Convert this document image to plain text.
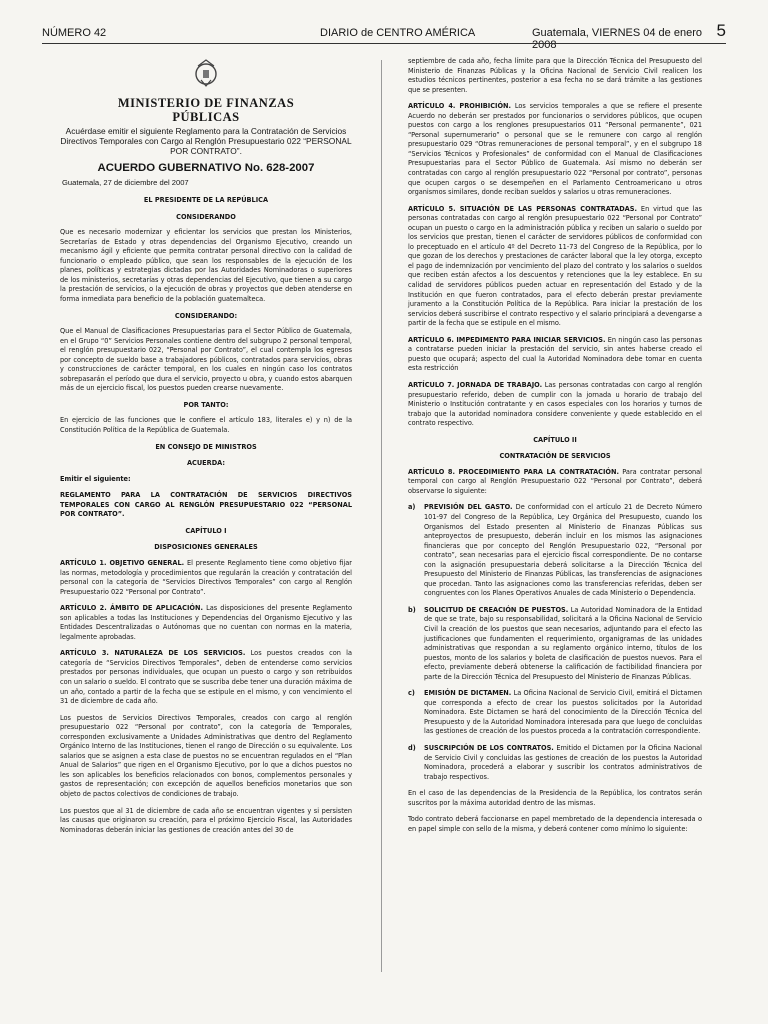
NÚMERO 42	DIARIO de CENTRO AMÉRICA	Guatemala, VIERNES 04 de enero 2008
5
MINISTERIO DE FINANZAS
PÚBLICAS
Acuérdase emitir el siguiente Reglamento para la Contratación de Servicios Directivos Temporales con Cargo al Renglón Presupuestario 022 “PERSONAL POR CONTRATO”.
ACUERDO GUBERNATIVO No. 628-2007
Guatemala, 27 de diciembre del 2007
EL PRESIDENTE DE LA REPÚBLICA
CONSIDERANDO

Que es necesario modernizar y eficientar los servicios que prestan los Ministerios, Secretarías de Estado y otras dependencias del Organismo Ejecutivo, creando un mecanismo ágil y eficiente que permita contratar personal directivo con la calidad de funcionario o empleado público, que sean los responsables de la ejecución de los planes, políticas y estrategias dictadas por las Autoridades Nominadoras o superiores de los ministerios, secretarías y otras dependencias del Ejecutivo, que tienen a su cargo la prestación de servicios, o la ejecución de obras y proyectos que deben atenderse en forma inmediata para beneficio de la población guatemalteca.

CONSIDERANDO:

Que el Manual de Clasificaciones Presupuestarias para el Sector Público de Guatemala, en el Grupo “0” Servicios Personales contiene dentro del subgrupo 2 personal temporal, el renglón presupuestario 022, “Personal por Contrato”, el cual contempla los egresos por concepto de sueldo base a trabajadores públicos, contratados para servicios, obras y construcciones de carácter temporal, en los cuales en ningún caso los contratos sobrepasarán el período que dura el servicio, proyecto u obra, y cuando estos abarquen más de un ejercicio fiscal, los puestos pueden crearse nuevamente.

POR TANTO:

En ejercicio de las funciones que le confiere el artículo 183, literales e) y n) de la Constitución Política de la República de Guatemala.

EN CONSEJO DE MINISTROS
ACUERDA:

Emitir el siguiente:

REGLAMENTO PARA LA CONTRATACIÓN DE SERVICIOS DIRECTIVOS TEMPORALES CON CARGO AL RENGLÓN PRESUPUESTARIO 022 “PERSONAL POR CONTRATO”.

CAPÍTULO I
DISPOSICIONES GENERALES

ARTÍCULO 1. OBJETIVO GENERAL. El presente Reglamento tiene como objetivo fijar las normas, metodología y procedimientos que regularán la creación y contratación del personal con la categoría de “Servicios Directivos Temporales” con cargo al Renglón Presupuestario 022 “Personal por Contrato”.

ARTÍCULO 2. ÁMBITO DE APLICACIÓN. Las disposiciones del presente Reglamento son aplicables a todas las Instituciones y Dependencias del Organismo Ejecutivo y las Entidades Descentralizadas o Autónomas que no cuentan con normas en la materia, legalmente aprobadas.

ARTÍCULO 3. NATURALEZA DE LOS SERVICIOS. Los puestos creados con la categoría de “Servicios Directivos Temporales”, deben de entenderse como servicios prestados por personas individuales, que ocupan un puesto o cargo y son retribuidos con un salario o sueldo. El contrato que se suscriba debe tener una duración máxima de un año, contado a partir de la fecha que se estipule en el mismo, y con vencimiento el 31 de diciembre de cada año.

Los puestos de Servicios Directivos Temporales, creados con cargo al renglón presupuestario 022 “Personal por contrato”, con la categoría de Temporales, corresponden exclusivamente a Unidades Administrativas que dentro del Reglamento Orgánico Interno de las Instituciones, tienen el rango de Dirección o su equivalente. Los salarios que se asignen a esta clase de puestos no se encuentran regulados en el “Plan Anual de Salarios” que rigen en el Organismo Ejecutivo, por lo que a dichos puestos no les son aplicables los beneficios relacionados con bonos, complementos personales y gastos de representación; con excepción de aquellos beneficios monetarios que son objeto de pactos colectivos de condiciones de trabajo.

Los puestos que al 31 de diciembre de cada año se encuentran vigentes y si persisten las causas que originaron su creación, para el próximo Ejercicio Fiscal, las Autoridades Nominadoras deberán iniciar las gestiones de creación antes del 30 de

septiembre de cada año, fecha límite para que la Dirección Técnica del Presupuesto del Ministerio de Finanzas Públicas y la Oficina Nacional de Servicio Civil realicen los estudios técnicos pertinentes, posterior a esa fecha no se dará trámite a las gestiones que se presenten.

ARTÍCULO 4. PROHIBICIÓN. Los servicios temporales a que se refiere el presente Acuerdo no deberán ser prestados por funcionarios o servidores públicos, que ocupen puestos con cargo a los renglones presupuestarios 011 “Personal permanente”, 021 “Personal supernumerario” o personal que se le remunere con cargo al renglón presupuestario 029 “Otras remuneraciones de personal temporal”, y en el subgrupo 18 “Servicios Técnicos y Profesionales” de conformidad con el Manual de Clasificaciones Presupuestarias para el Sector Público de Guatemala. Así mismo no deberán ser contratadas con cargo al renglón presupuestario 022 “Personal por contrato”, personas que ocupen cargos o se desempeñen en el Parlamento Centroamericano u otros organismos similares, donde reciban sueldos y salarios u otras remuneraciones.

ARTÍCULO 5. SITUACIÓN DE LAS PERSONAS CONTRATADAS. En virtud que las personas contratadas con cargo al renglón presupuestario 022 “Personal por Contrato” ocupan un puesto o cargo en la administración pública y reciben un salario o sueldo por los servicios que prestan, tienen el carácter de servidores públicos de conformidad con lo preceptuado en el artículo 4º del Decreto 11-73 del Congreso de la República, por lo que gozan de los derechos y prestaciones de carácter laboral que la ley otorga, excepto el pago de indemnización por vencimiento del plazo del contrato y los salarios o sueldos que reciben están afectos a los descuentos y retenciones que la ley establece. En su calidad de servidores públicos pueden actuar en representación del Estado y de la Institución en que fueron contratados, para el efecto deberán prestar previamente juramento a la Constitución Política de la República. Para iniciar la prestación de los servicios deberá suscribirse el contrato respectivo y el salario principiará a devengarse a partir de la fecha que se estipule en el mismo.

ARTÍCULO 6. IMPEDIMENTO PARA INICIAR SERVICIOS. En ningún caso las personas a contratarse pueden iniciar la prestación del servicio, sin antes haberse creado el puesto que ocupará; aspecto del cual la Autoridad Nominadora debe tomar en cuenta esta restricción

ARTÍCULO 7. JORNADA DE TRABAJO. Las personas contratadas con cargo al renglón presupuestario referido, deben de cumplir con la jornada u horario de trabajo del Ministerio o Institución contratante y en casos especiales con los horarios y turnos de trabajo que la autoridad nominadora considere conveniente y quede establecido en el contrato respectivo.

CAPÍTULO II
CONTRATACIÓN DE SERVICIOS

ARTÍCULO 8. PROCEDIMIENTO PARA LA CONTRATACIÓN. Para contratar personal temporal con cargo al Renglón Presupuestario 022 “Personal por Contrato”, deberá observarse lo siguiente:

a) PREVISIÓN DEL GASTO. De conformidad con el artículo 21 de Decreto Número 101-97 del Congreso de la República, Ley Orgánica del Presupuesto, cuando los Organismos del Estado presenten al Ministerio de Finanzas Públicas sus anteproyectos de presupuesto, deberán incluir en los mismos las asignaciones financieras que por concepto del Renglón Presupuestario 022, “Personal por contrato”, sean necesarias para el ejercicio fiscal correspondiente. De no contarse con la asignación presupuestaria deberá solicitarse a la Dirección Técnica del Presupuesto del Ministerio de Finanzas Públicas, las transferencias de asignaciones que procedan. Tanto las asignaciones como las transferencias referidas, deben ser congruentes con los Planes Operativos Anuales de cada Ministerio o Dependencia.
b) SOLICITUD DE CREACIÓN DE PUESTOS. La Autoridad Nominadora de la Entidad de que se trate, bajo su responsabilidad, solicitará a la Oficina Nacional de Servicio Civil la creación de los puestos que sean necesarios, adjuntando para el efecto las justificaciones que fundamenten el requerimiento, organigramas de las unidades administrativas que respondan a su reglamento orgánico interno, títulos de los puestos, monto de los salarios y boleta de clasificación de puestos nuevos. Para el efecto, previamente deberá obtenerse la calificación de factibilidad financiera por parte de la Dirección Técnica del Presupuesto del Ministerio de Finanzas Públicas.
c) EMISIÓN DE DICTAMEN. La Oficina Nacional de Servicio Civil, emitirá el Dictamen que corresponda a efecto de crear los puestos solicitados por la Autoridad Nominadora. Este Dictamen se hará del conocimiento de la Dirección Técnica del Presupuesto y de la Autoridad Nominadora interesada para que luego de concluidas las gestiones de creación de los puestos proceda a la contratación correspondiente.
d) SUSCRIPCIÓN DE LOS CONTRATOS. Emitido el Dictamen por la Oficina Nacional de Servicio Civil y concluidas las gestiones de creación de los puestos la Autoridad Nominadora, procederá a elaborar y suscribir los contratos administrativos de trabajo respectivos.

En el caso de las dependencias de la Presidencia de la República, los contratos serán suscritos por la máxima autoridad dentro de las mismas.

Todo contrato deberá faccionarse en papel membretado de la dependencia interesada o en papel simple con sello de la misma, y deberá contener como mínimo lo siguiente:
